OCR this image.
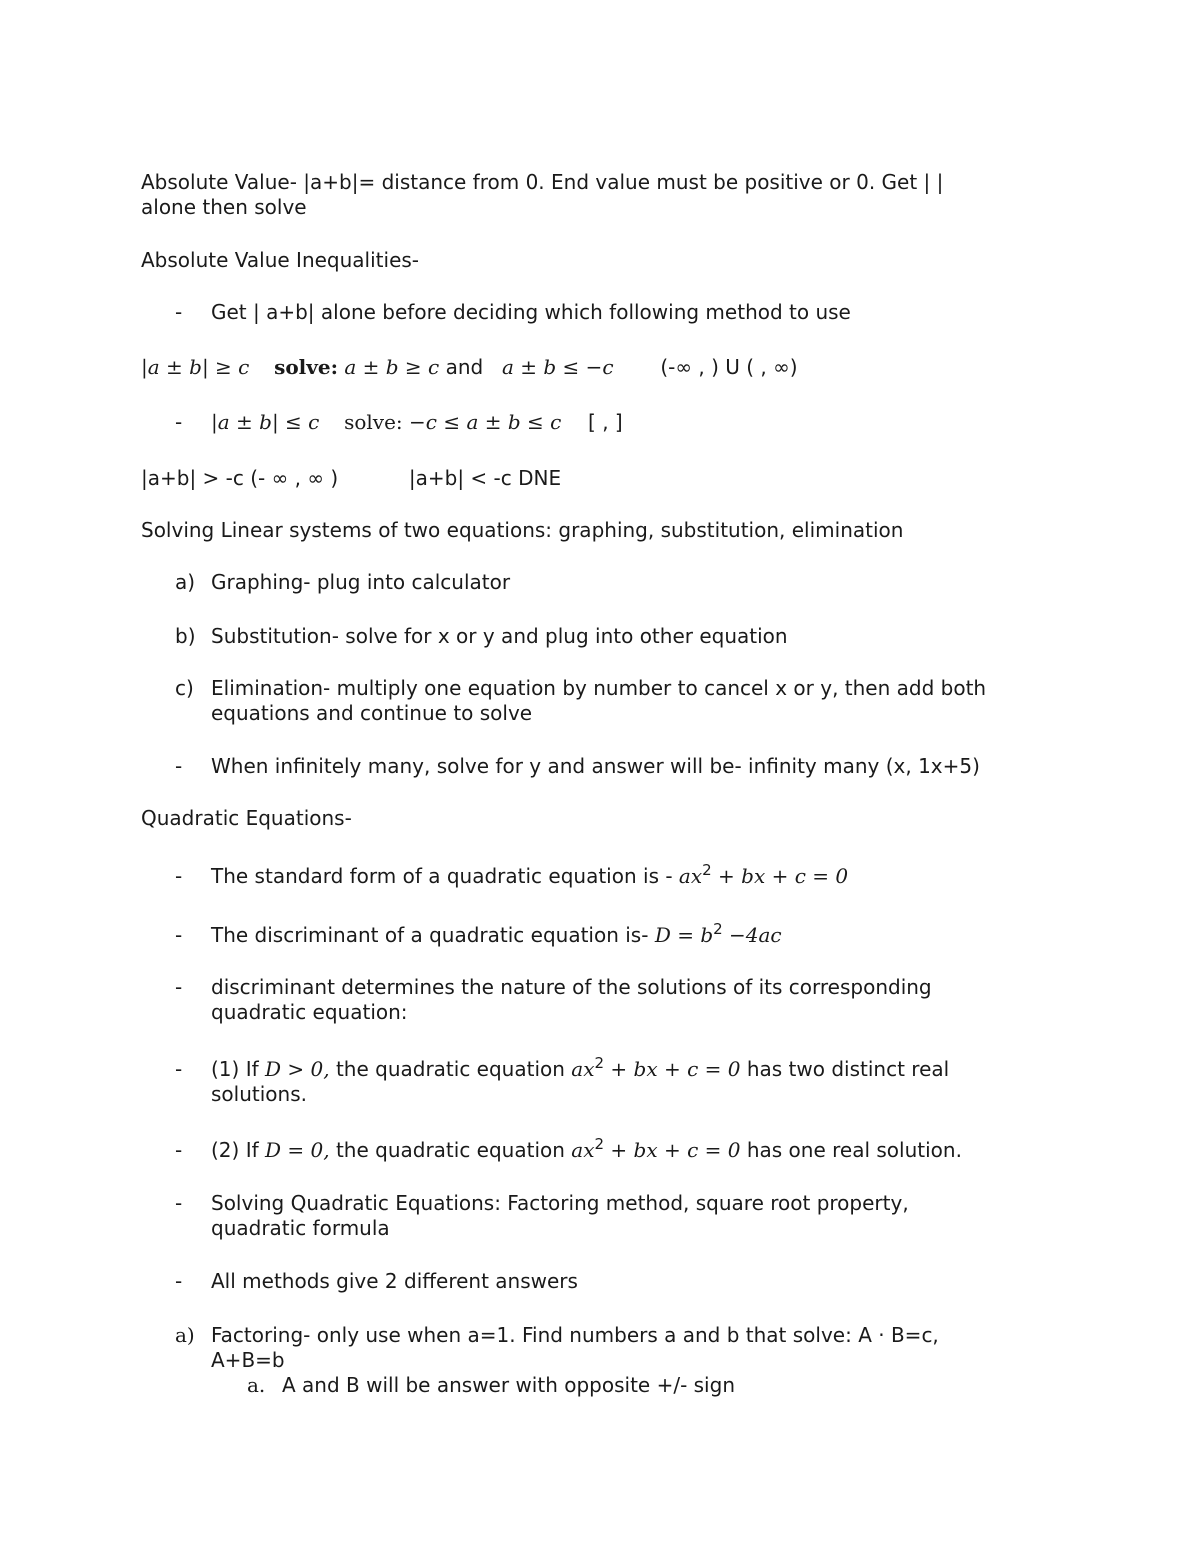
Absolute Value- |a+b|= distance from 0. End value must be positive or 0. Get | |
alone then solve
Absolute Value Inequalities-
-	Get | a+b| alone before deciding which following method to use
|a ± b| ≥ c solve: a ± b ≥ c and a ± b ≤ −c (-∞ , ) U ( , ∞)
-	|a ± b| ≤ c solve: −c ≤ a ± b ≤ c [ , ]
|a+b| > -c (- ∞ , ∞ )	|a+b| < -c DNE
Solving Linear systems of two equations: graphing, substitution, elimination
a) Graphing- plug into calculator
b) Substitution- solve for x or y and plug into other equation
c) Elimination- multiply one equation by number to cancel x or y, then add both
equations and continue to solve
-	When infinitely many, solve for y and answer will be- infinity many (x, 1x+5)
Quadratic Equations-
-	The standard form of a quadratic equation is - $ax^2$ + bx + c = 0
-	The discriminant of a quadratic equation is- $D = b^2 -4ac$
-	discriminant determines the nature of the solutions of its corresponding
quadratic equation:
-	(1) If D > 0, the quadratic equation $ax^2$ + bx + c = 0 has two distinct real
solutions.
-	(2) If D = 0, the quadratic equation $ax^2$ + bx + c = 0 has one real solution.
-	Solving Quadratic Equations: Factoring method, square root property,
quadratic formula
-	All methods give 2 different answers
a) Factoring- only use when a=1. Find numbers a and b that solve: A · B=c,
A+B=b
a. A and B will be answer with opposite +/- sign
